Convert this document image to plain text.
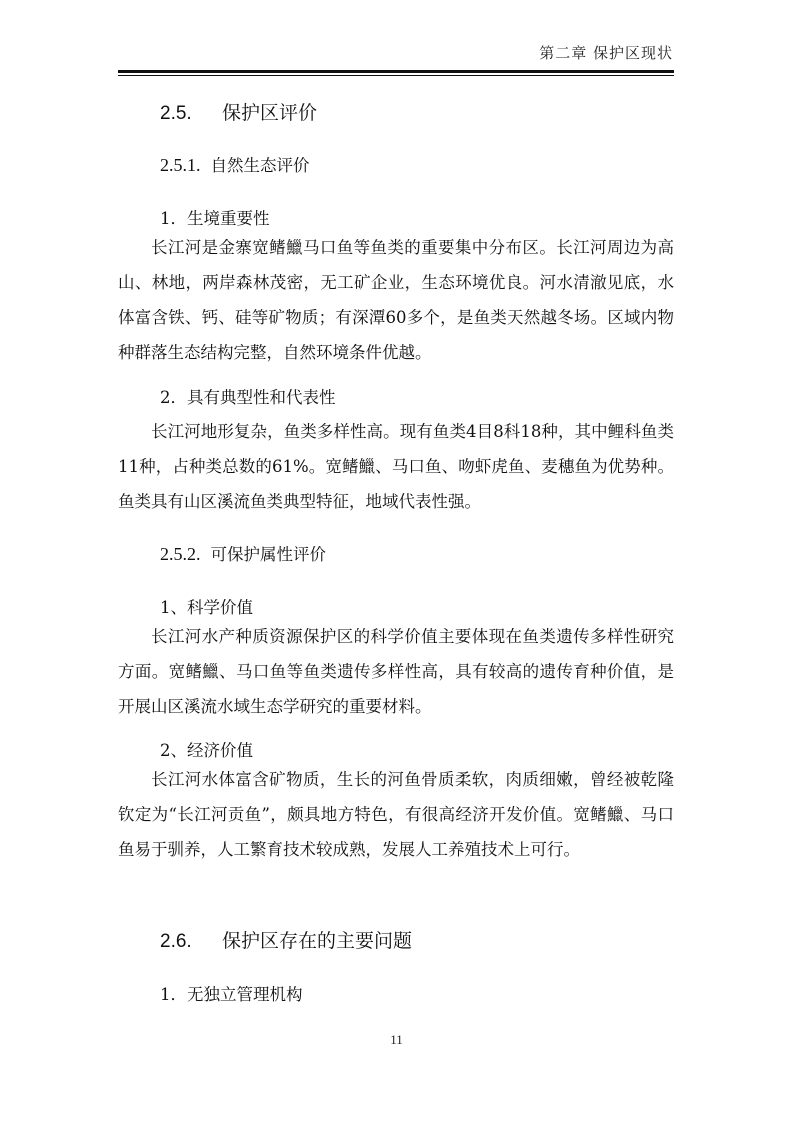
第二章 保护区现状
2.5. 保护区评价
2.5.1. 自然生态评价
1．生境重要性
长江河是金寨宽鳍鱲马口鱼等鱼类的重要集中分布区。长江河周边为高山、林地，两岸森林茂密，无工矿企业，生态环境优良。河水清澈见底，水体富含铁、钙、硅等矿物质；有深潭60多个，是鱼类天然越冬场。区域内物种群落生态结构完整，自然环境条件优越。
2．具有典型性和代表性
长江河地形复杂，鱼类多样性高。现有鱼类4目8科18种，其中鲤科鱼类11种，占种类总数的61%。宽鳍鱲、马口鱼、吻虾虎鱼、麦穗鱼为优势种。鱼类具有山区溪流鱼类典型特征，地域代表性强。
2.5.2. 可保护属性评价
1、科学价值
长江河水产种质资源保护区的科学价值主要体现在鱼类遗传多样性研究方面。宽鳍鱲、马口鱼等鱼类遗传多样性高，具有较高的遗传育种价值，是开展山区溪流水域生态学研究的重要材料。
2、经济价值
长江河水体富含矿物质，生长的河鱼骨质柔软，肉质细嫩，曾经被乾隆钦定为“长江河贡鱼”，颇具地方特色，有很高经济开发价值。宽鳍鱲、马口鱼易于驯养，人工繁育技术较成熟，发展人工养殖技术上可行。
2.6. 保护区存在的主要问题
1．无独立管理机构
11
